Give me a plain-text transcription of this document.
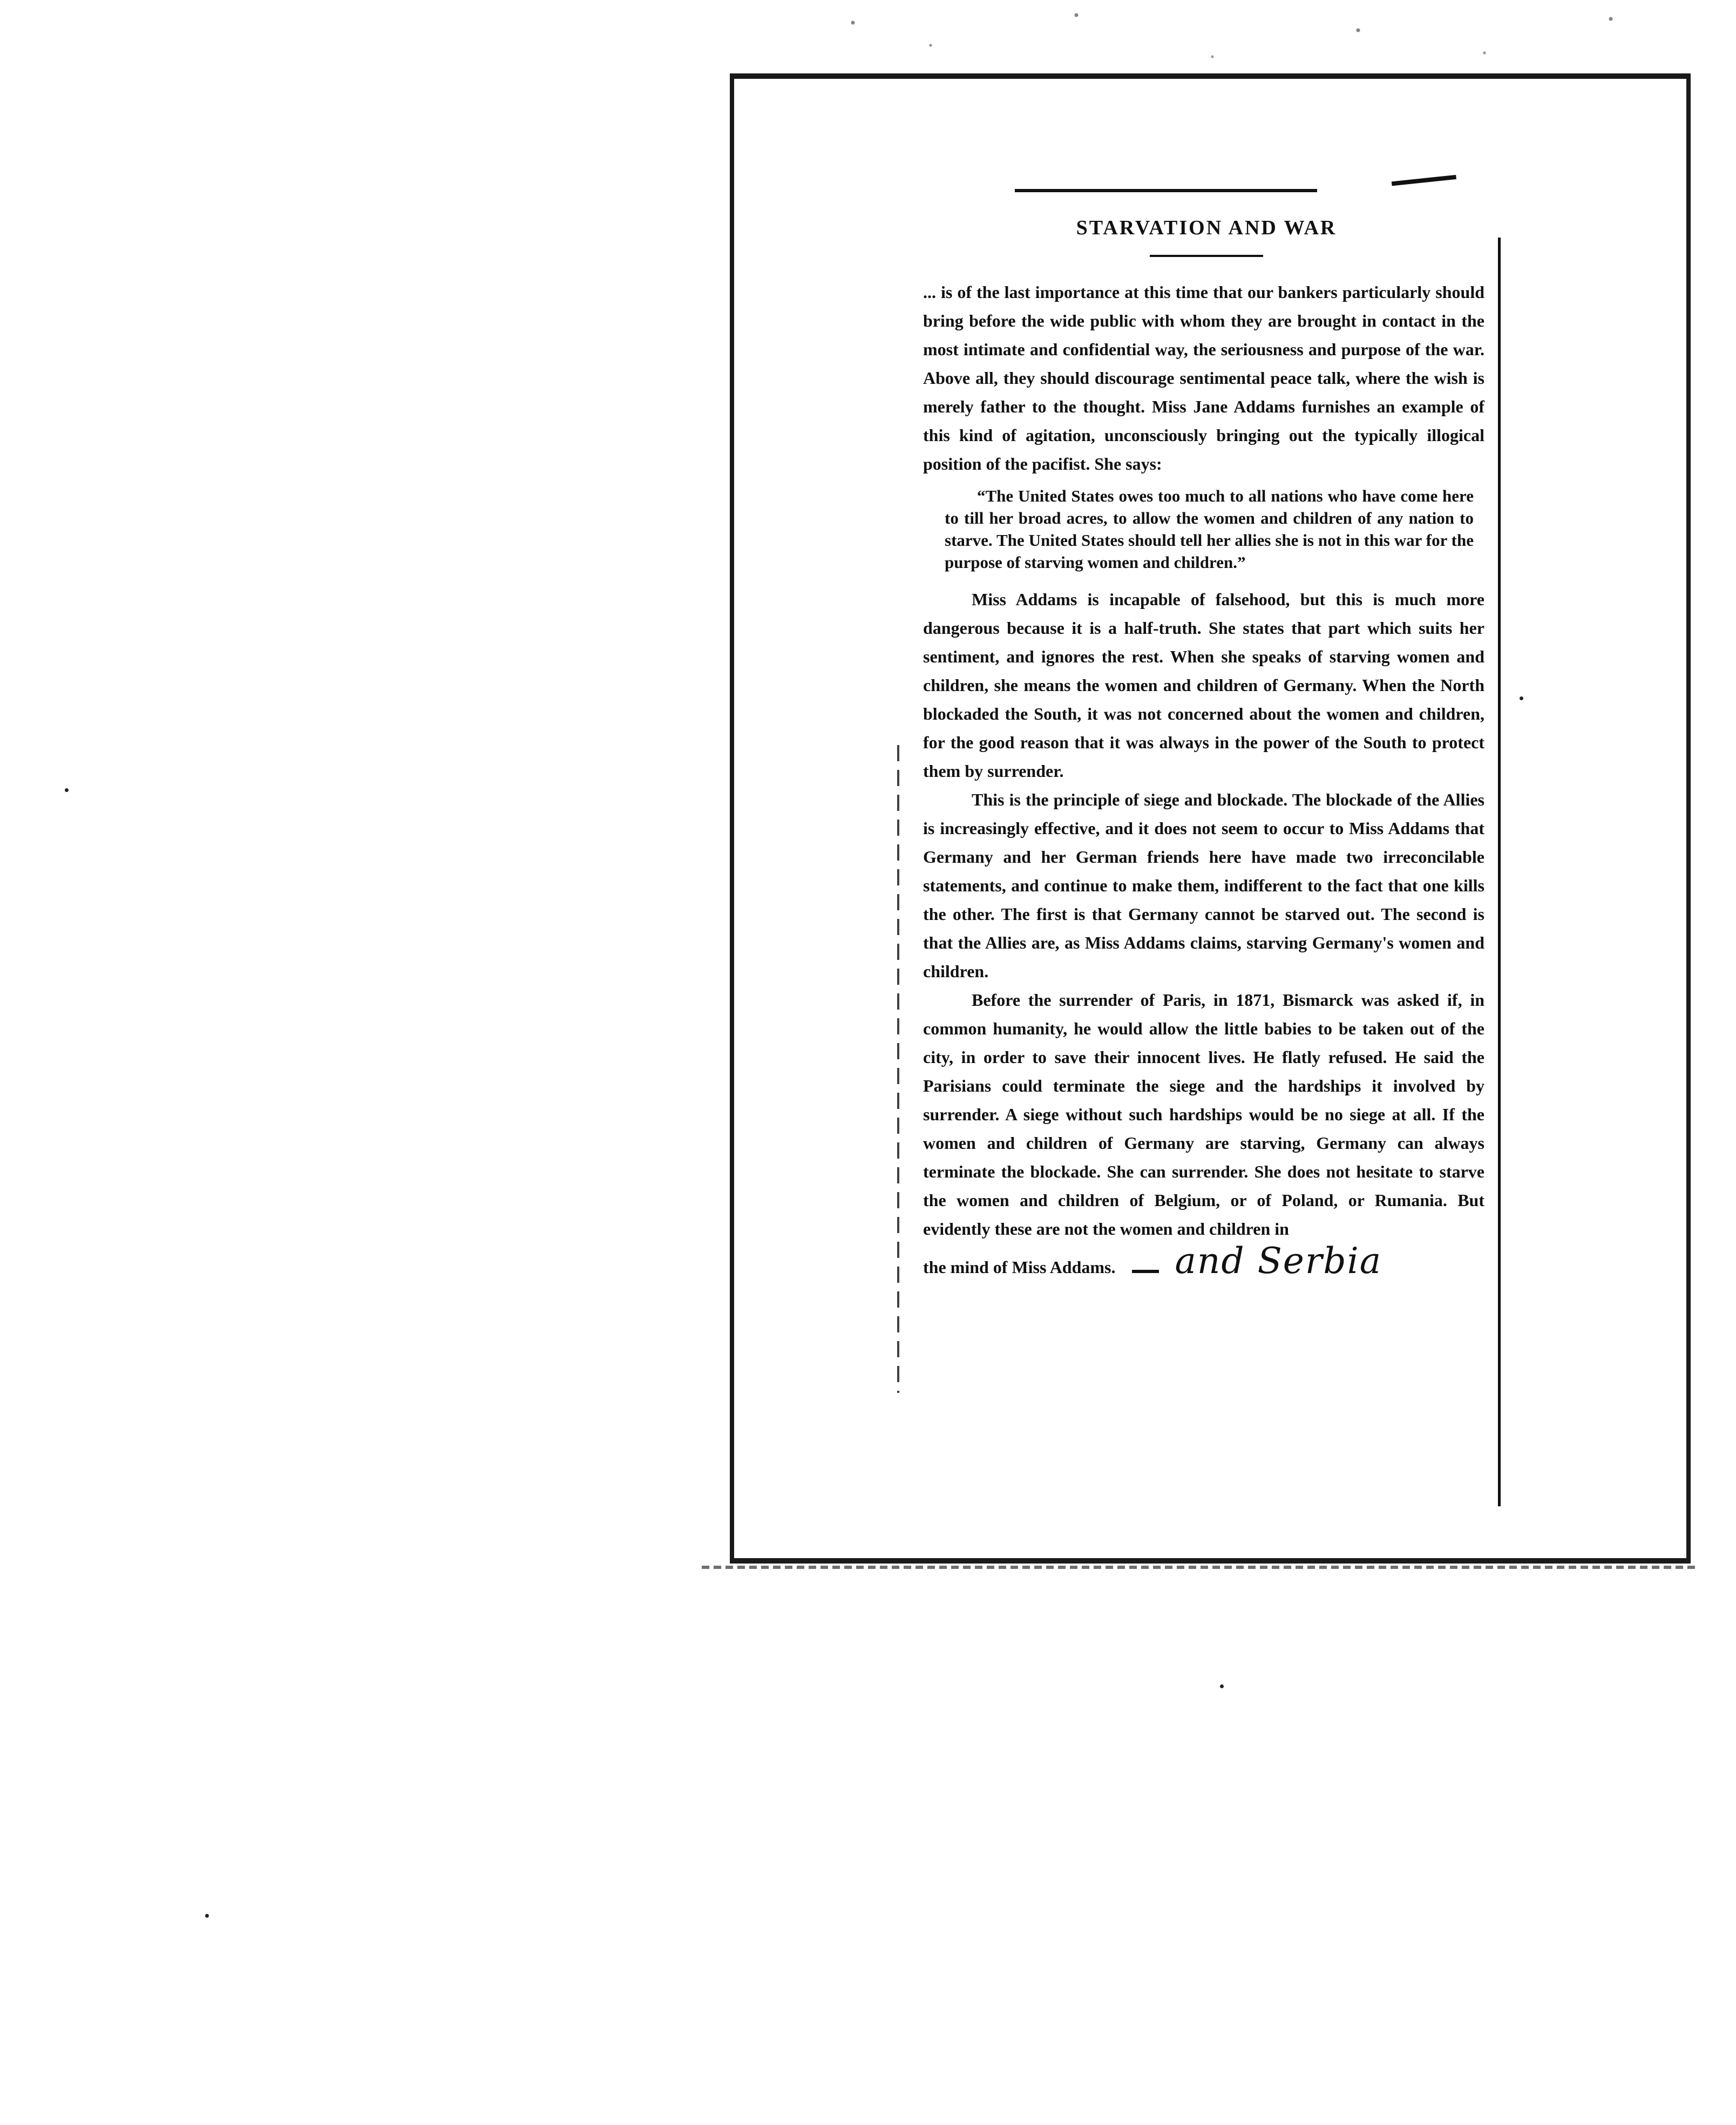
STARVATION AND WAR

... is of the last importance at this time that our bankers particularly should bring before the wide public with whom they are brought in contact in the most intimate and confidential way, the seriousness and purpose of the war. Above all, they should discourage sentimental peace talk, where the wish is merely father to the thought. Miss Jane Addams furnishes an example of this kind of agitation, unconsciously bringing out the typically illogical position of the pacifist. She says:

“The United States owes too much to all nations who have come here to till her broad acres, to allow the women and children of any nation to starve. The United States should tell her allies she is not in this war for the purpose of starving women and children.”

Miss Addams is incapable of falsehood, but this is much more dangerous because it is a half-truth. She states that part which suits her sentiment, and ignores the rest. When she speaks of starving women and children, she means the women and children of Germany. When the North blockaded the South, it was not concerned about the women and children, for the good reason that it was always in the power of the South to protect them by surrender.

This is the principle of siege and blockade. The blockade of the Allies is increasingly effective, and it does not seem to occur to Miss Addams that Germany and her German friends here have made two irreconcilable statements, and continue to make them, indifferent to the fact that one kills the other. The first is that Germany cannot be starved out. The second is that the Allies are, as Miss Addams claims, starving Germany's women and children.

Before the surrender of Paris, in 1871, Bismarck was asked if, in common humanity, he would allow the little babies to be taken out of the city, in order to save their innocent lives. He flatly refused. He said the Parisians could terminate the siege and the hardships it involved by surrender. A siege without such hardships would be no siege at all. If the women and children of Germany are starving, Germany can always terminate the blockade. She can surrender. She does not hesitate to starve the women and children of Belgium, or of Poland, or Rumania. But evidently these are not the women and children in

the mind of Miss Addams. and Serbia
